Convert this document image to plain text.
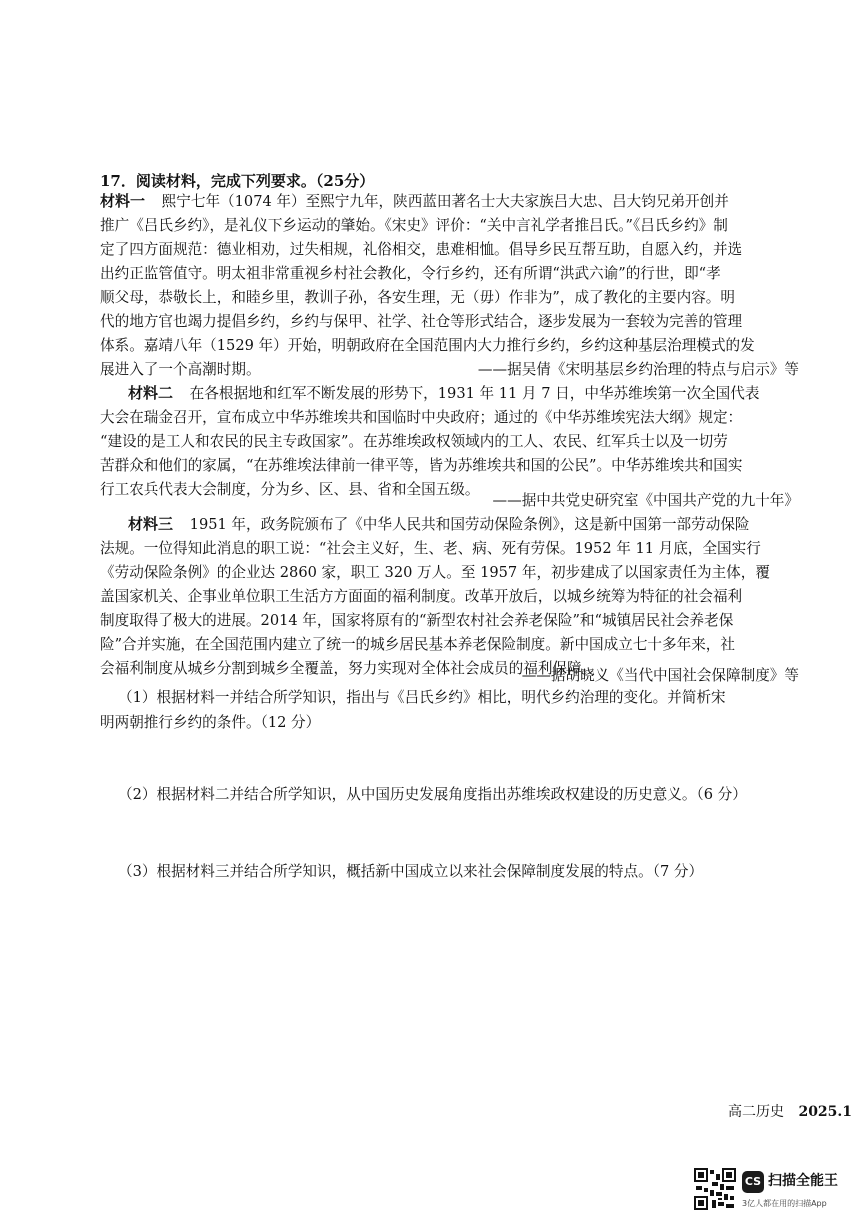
17．阅读材料，完成下列要求。（25分）
材料一 熙宁七年（1074 年）至熙宁九年，陕西蓝田著名士大夫家族吕大忠、吕大钧兄弟开创并
推广《吕氏乡约》，是礼仪下乡运动的肇始。《宋史》评价：“关中言礼学者推吕氏。”《吕氏乡约》制
定了四方面规范：德业相劝，过失相规，礼俗相交，患难相恤。倡导乡民互帮互助，自愿入约，并选
出约正监管值守。明太祖非常重视乡村社会教化，令行乡约，还有所谓“洪武六谕”的行世，即“孝
顺父母，恭敬长上，和睦乡里，教训子孙，各安生理，无（毋）作非为”，成了教化的主要内容。明
代的地方官也竭力提倡乡约，乡约与保甲、社学、社仓等形式结合，逐步发展为一套较为完善的管理
体系。嘉靖八年（1529 年）开始，明朝政府在全国范围内大力推行乡约，乡约这种基层治理模式的发
展进入了一个高潮时期。	——据吴倩《宋明基层乡约治理的特点与启示》等
材料二 在各根据地和红军不断发展的形势下，1931 年 11 月 7 日，中华苏维埃第一次全国代表
大会在瑞金召开，宣布成立中华苏维埃共和国临时中央政府；通过的《中华苏维埃宪法大纲》规定：
“建设的是工人和农民的民主专政国家”。在苏维埃政权领域内的工人、农民、红军兵士以及一切劳
苦群众和他们的家属，“在苏维埃法律前一律平等，皆为苏维埃共和国的公民”。中华苏维埃共和国实
行工农兵代表大会制度，分为乡、区、县、省和全国五级。
——据中共党史研究室《中国共产党的九十年》
材料三 1951 年，政务院颁布了《中华人民共和国劳动保险条例》，这是新中国第一部劳动保险
法规。一位得知此消息的职工说：“社会主义好，生、老、病、死有劳保。1952 年 11 月底，全国实行
《劳动保险条例》的企业达 2860 家，职工 320 万人。至 1957 年，初步建成了以国家责任为主体，覆
盖国家机关、企事业单位职工生活方方面面的福利制度。改革开放后，以城乡统筹为特征的社会福利
制度取得了极大的进展。2014 年，国家将原有的“新型农村社会养老保险”和“城镇居民社会养老保
险”合并实施，在全国范围内建立了统一的城乡居民基本养老保险制度。新中国成立七十多年来，社
会福利制度从城乡分割到城乡全覆盖，努力实现对全体社会成员的福利保障。
——据胡晓义《当代中国社会保障制度》等
（1）根据材料一并结合所学知识，指出与《吕氏乡约》相比，明代乡约治理的变化。并简析宋
明两朝推行乡约的条件。（12 分）
（2）根据材料二并结合所学知识，从中国历史发展角度指出苏维埃政权建设的历史意义。（6 分）
（3）根据材料三并结合所学知识，概括新中国成立以来社会保障制度发展的特点。（7 分）
高二历史 2025.1
CS 扫描全能王
3亿人都在用的扫描App
